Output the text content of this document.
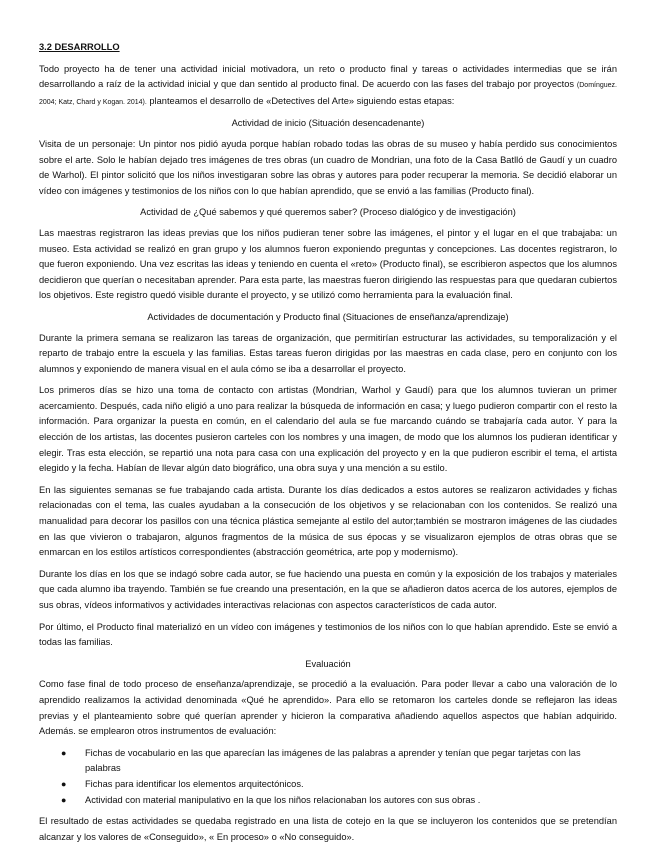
3.2 DESARROLLO

Todo proyecto ha de tener una actividad inicial motivadora, un reto o producto final y tareas o actividades intermedias que se irán desarrollando a raíz de la actividad inicial y que dan sentido al producto final. De acuerdo con las fases del trabajo por proyectos (Domínguez. 2004; Katz, Chard y Kogan. 2014). planteamos el desarrollo de «Detectives del Arte» siguiendo estas etapas:

Actividad de inicio (Situación desencadenante)

Visita de un personaje: Un pintor nos pidió ayuda porque habían robado todas las obras de su museo y había perdido sus conocimientos sobre el arte. Solo le habían dejado tres imágenes de tres obras (un cuadro de Mondrian, una foto de la Casa Batlló de Gaudí y un cuadro de Warhol). El pintor solicitó que los niños investigaran sobre las obras y autores para poder recuperar la memoria. Se decidió elaborar un vídeo con imágenes y testimonios de los niños con lo que habían aprendido, que se envió a las familias (Producto final).

Actividad de ¿Qué sabemos y qué queremos saber? (Proceso dialógico y de investigación)

Las maestras registraron las ideas previas que los niños pudieran tener sobre las imágenes, el pintor y el lugar en el que trabajaba: un museo. Esta actividad se realizó en gran grupo y los alumnos fueron exponiendo preguntas y concepciones. Las docentes registraron, lo que fueron exponiendo. Una vez escritas las ideas y teniendo en cuenta el «reto» (Producto final), se escribieron aspectos que los alumnos decidieron que querían o necesitaban aprender. Para esta parte, las maestras fueron dirigiendo las respuestas para que quedaran cubiertos los objetivos. Este registro quedó visible durante el proyecto, y se utilizó como herramienta para la evaluación final.

Actividades de documentación y Producto final (Situaciones de enseñanza/aprendizaje)

Durante la primera semana se realizaron las tareas de organización, que permitirían estructurar las actividades, su temporalización y el reparto de trabajo entre la escuela y las familias. Estas tareas fueron dirigidas por las maestras en cada clase, pero en conjunto con los alumnos y exponiendo de manera visual en el aula cómo se iba a desarrollar el proyecto.

Los primeros días se hizo una toma de contacto con artistas (Mondrian, Warhol y Gaudí) para que los alumnos tuvieran un primer acercamiento. Después, cada niño eligió a uno para realizar la búsqueda de información en casa; y luego pudieron compartir con el resto la información. Para organizar la puesta en común, en el calendario del aula se fue marcando cuándo se trabajaría cada autor. Y para la elección de los artistas, las docentes pusieron carteles con los nombres y una imagen, de modo que los alumnos los pudieran identificar y elegir. Tras esta elección, se repartió una nota para casa con una explicación del proyecto y en la que pudieron escribir el tema, el artista elegido y la fecha. Habían de llevar algún dato biográfico, una obra suya y una mención a su estilo.

En las siguientes semanas se fue trabajando cada artista. Durante los días dedicados a estos autores se realizaron actividades y fichas relacionadas con el tema, las cuales ayudaban a la consecución de los objetivos y se relacionaban con los contenidos. Se realizó una manualidad para decorar los pasillos con una técnica plástica semejante al estilo del autor;también se mostraron imágenes de las ciudades en las que vivieron o trabajaron, algunos fragmentos de la música de sus épocas y se visualizaron ejemplos de otras obras que se enmarcan en los estilos artísticos correspondientes (abstracción geométrica, arte pop y modernismo).

Durante los días en los que se indagó sobre cada autor, se fue haciendo una puesta en común y la exposición de los trabajos y materiales que cada alumno iba trayendo. También se fue creando una presentación, en la que se añadieron datos acerca de los autores, ejemplos de sus obras, vídeos informativos y actividades interactivas relacionas con aspectos característicos de cada autor.

Por último, el Producto final materializó en un vídeo con imágenes y testimonios de los niños con lo que habían aprendido. Este se envió a todas las familias.

Evaluación

Como fase final de todo proceso de enseñanza/aprendizaje, se procedió a la evaluación. Para poder llevar a cabo una valoración de lo aprendido realizamos la actividad denominada «Qué he aprendido». Para ello se retomaron los carteles donde se reflejaron las ideas previas y el planteamiento sobre qué querían aprender y hicieron la comparativa añadiendo aquellos aspectos que habían adquirido. Además. se emplearon otros instrumentos de evaluación:

● Fichas de vocabulario en las que aparecían las imágenes de las palabras a aprender y tenían que pegar tarjetas con las palabras
● Fichas para identificar los elementos arquitectónicos.
● Actividad con material manipulativo en la que los niños relacionaban los autores con sus obras .

El resultado de estas actividades se quedaba registrado en una lista de cotejo en la que se incluyeron los contenidos que se pretendían alcanzar y los valores de «Conseguido», « En proceso» o «No conseguido».
